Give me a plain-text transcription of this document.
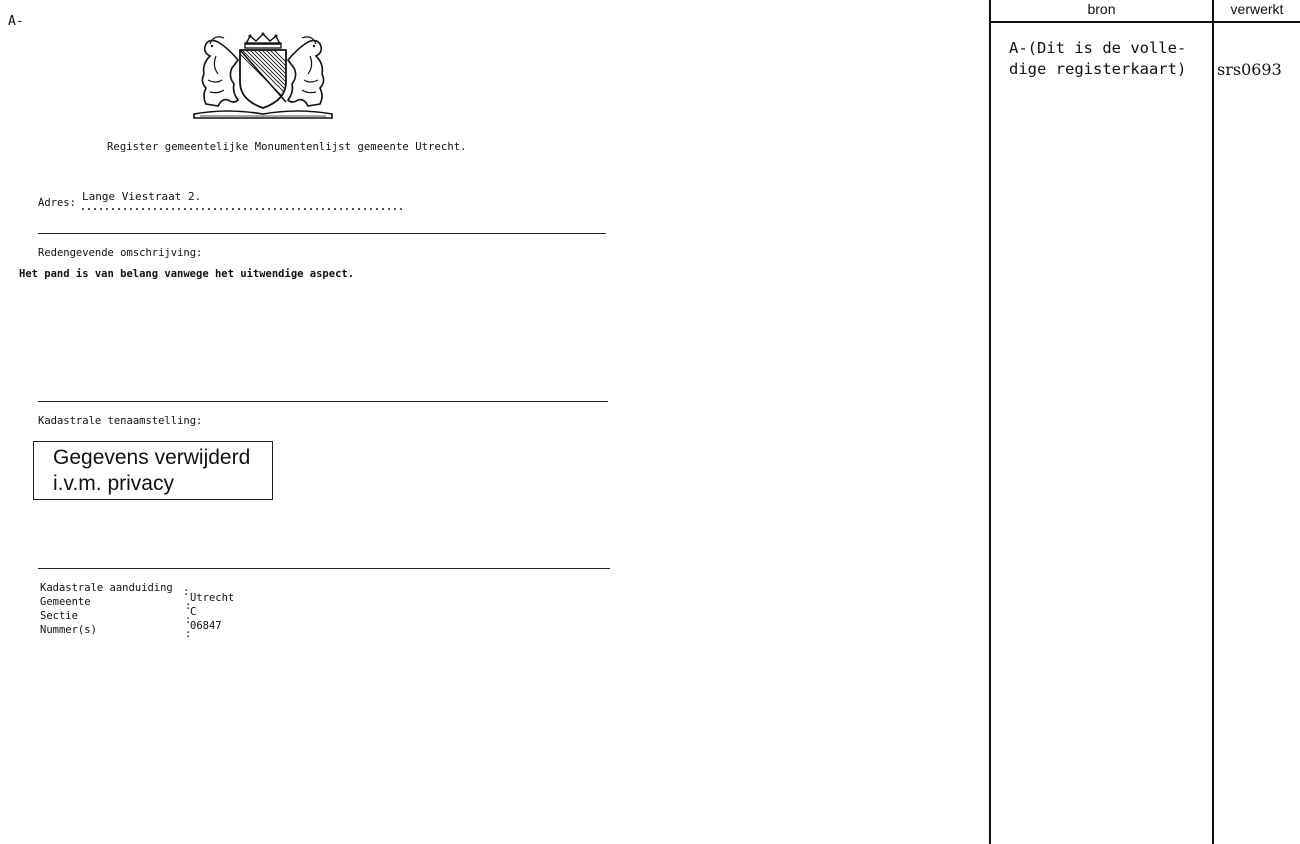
A-
Register gemeentelijke Monumentenlijst gemeente Utrecht.
Adres: Lange Viestraat 2.
Redengevende omschrijving:
Het pand is van belang vanwege het uitwendige aspect.
Kadastrale tenaamstelling:
Gegevens verwijderd
i.v.m. privacy
Kadastrale aanduiding :
Gemeente	:
Utrecht
Sectie	:
C
Nummer(s)	:
06847
bron	verwerkt
A-(Dit is de volle-
dige registerkaart) srs0693
